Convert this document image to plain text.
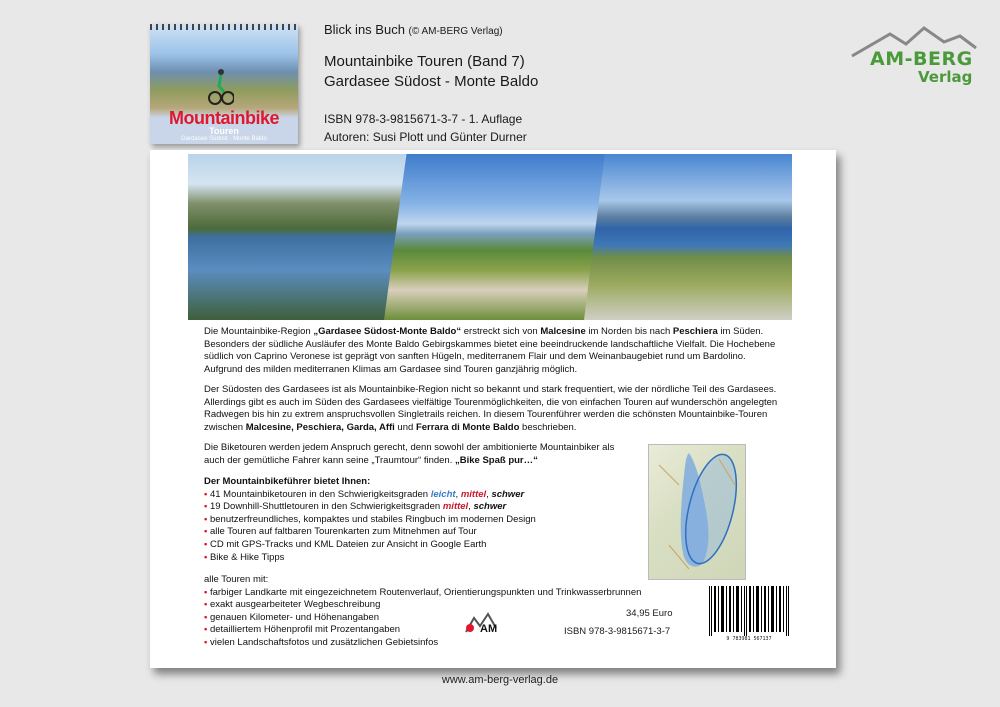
Mountainbike
Touren
Gardasee Südost · Monte Baldo
Blick ins Buch (© AM-BERG Verlag)
Mountainbike Touren (Band 7)
Gardasee Südost - Monte Baldo
ISBN 978-3-9815671-3-7 - 1. Auflage
Autoren: Susi Plott und Günter Durner
AM-BERG
Verlag
Die Mountainbike-Region „Gardasee Südost-Monte Baldo“ erstreckt sich von Malcesine im Norden bis nach Peschiera im Süden. Besonders der südliche Ausläufer des Monte Baldo Gebirgskammes bietet eine beeindruckende landschaftliche Vielfalt. Die Hochebene südlich von Caprino Veronese ist geprägt von sanften Hügeln, mediterranem Flair und dem Weinanbaugebiet rund um Bardolino. Aufgrund des milden mediterranen Klimas am Gardasee sind Touren ganzjährig möglich.
Der Südosten des Gardasees ist als Mountainbike-Region nicht so bekannt und stark frequentiert, wie der nördliche Teil des Gardasees. Allerdings gibt es auch im Süden des Gardasees vielfältige Tourenmöglichkeiten, die von einfachen Touren auf wunderschön angelegten Radwegen bis hin zu extrem anspruchsvollen Singletrails reichen. In diesem Tourenführer werden die schönsten Mountainbike-Touren zwischen Malcesine, Peschiera, Garda, Affi und Ferrara di Monte Baldo beschrieben.
Die Biketouren werden jedem Anspruch gerecht, denn sowohl der ambitionierte Mountainbiker als auch der gemütliche Fahrer kann seine „Traumtour“ finden. „Bike Spaß pur…“
Der Mountainbikeführer bietet Ihnen:
• 41 Mountainbiketouren in den Schwierigkeitsgraden leicht, mittel, schwer
• 19 Downhill-Shuttletouren in den Schwierigkeitsgraden mittel, schwer
• benutzerfreundliches, kompaktes und stabiles Ringbuch im modernen Design
• alle Touren auf faltbaren Tourenkarten zum Mitnehmen auf Tour
• CD mit GPS-Tracks und KML Dateien zur Ansicht in Google Earth
• Bike & Hike Tipps
alle Touren mit:
• farbiger Landkarte mit eingezeichnetem Routenverlauf, Orientierungspunkten und Trinkwasserbrunnen
• exakt ausgearbeiteter Wegbeschreibung
• genauen Kilometer- und Höhenangaben
• detailliertem Höhenprofil mit Prozentangaben
• vielen Landschaftsfotos und zusätzlichen Gebietsinfos
AM
34,95 Euro
ISBN 978-3-9815671-3-7
9 783981 567137
www.am-berg-verlag.de
